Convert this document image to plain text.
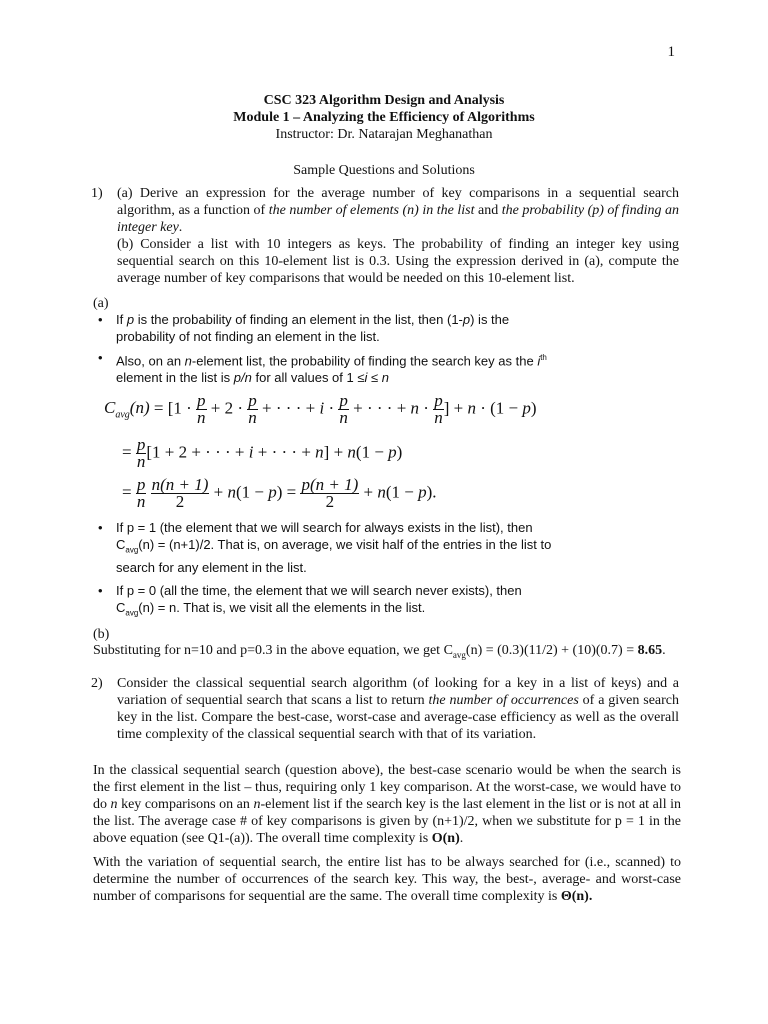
1
CSC 323 Algorithm Design and Analysis
Module 1 – Analyzing the Efficiency of Algorithms
Instructor: Dr. Natarajan Meghanathan
Sample Questions and Solutions
1) (a) Derive an expression for the average number of key comparisons in a sequential search algorithm, as a function of the number of elements (n) in the list and the probability (p) of finding an integer key.
(b) Consider a list with 10 integers as keys. The probability of finding an integer key using sequential search on this 10-element list is 0.3. Using the expression derived in (a), compute the average number of key comparisons that would be needed on this 10-element list.
(a)
• If p is the probability of finding an element in the list, then (1-p) is the probability of not finding an element in the list.
• Also, on an n-element list, the probability of finding the search key as the $i^{th}$ element in the list is p/n for all values of 1 ≤i ≤ n
$C_{avg}(n) = [1 \cdot \frac{p}{n} + 2 \cdot \frac{p}{n}$ + · · · + $i \cdot \frac{p}{n}$ + · · · + $n \cdot \frac{p}{n}$ ] + n · (1 − p)
= $\frac{p}{n} [1 + 2$ + · · · + i + · · · + n] + n(1 − p)
= $\frac{p}{n}$
$\frac{n(n + 1)}{2} + n(1 - p) = \frac{p(n + 1)}{2} + n(1 - p)$.
• If p = 1 (the element that we will search for always exists in the list), then $C_{avg}(n) = (n+1)/2$. That is, on average, we visit half of the entries in the list to search for any element in the list.
• If p = 0 (all the time, the element that we will search never exists), then $C_{avg}(n) = n$. That is, we visit all the elements in the list.
(b)
Substituting for n=10 and p=0.3 in the above equation, we get $C_{avg}(n) = (0.3)(11/2) + (10)(0.7) = 8.65$.
2) Consider the classical sequential search algorithm (of looking for a key in a list of keys) and a variation of sequential search that scans a list to return the number of occurrences of a given search key in the list. Compare the best-case, worst-case and average-case efficiency as well as the overall time complexity of the classical sequential search with that of its variation.
In the classical sequential search (question above), the best-case scenario would be when the search is the first element in the list – thus, requiring only 1 key comparison. At the worst-case, we would have to do n key comparisons on an n-element list if the search key is the last element in the list or is not at all in the list. The average case # of key comparisons is given by (n+1)/2, when we substitute for p = 1 in the above equation (see Q1-(a)). The overall time complexity is O(n).
With the variation of sequential search, the entire list has to be always searched for (i.e., scanned) to determine the number of occurrences of the search key. This way, the best-, average- and worst-case number of comparisons for sequential are the same. The overall time complexity is Θ(n).
